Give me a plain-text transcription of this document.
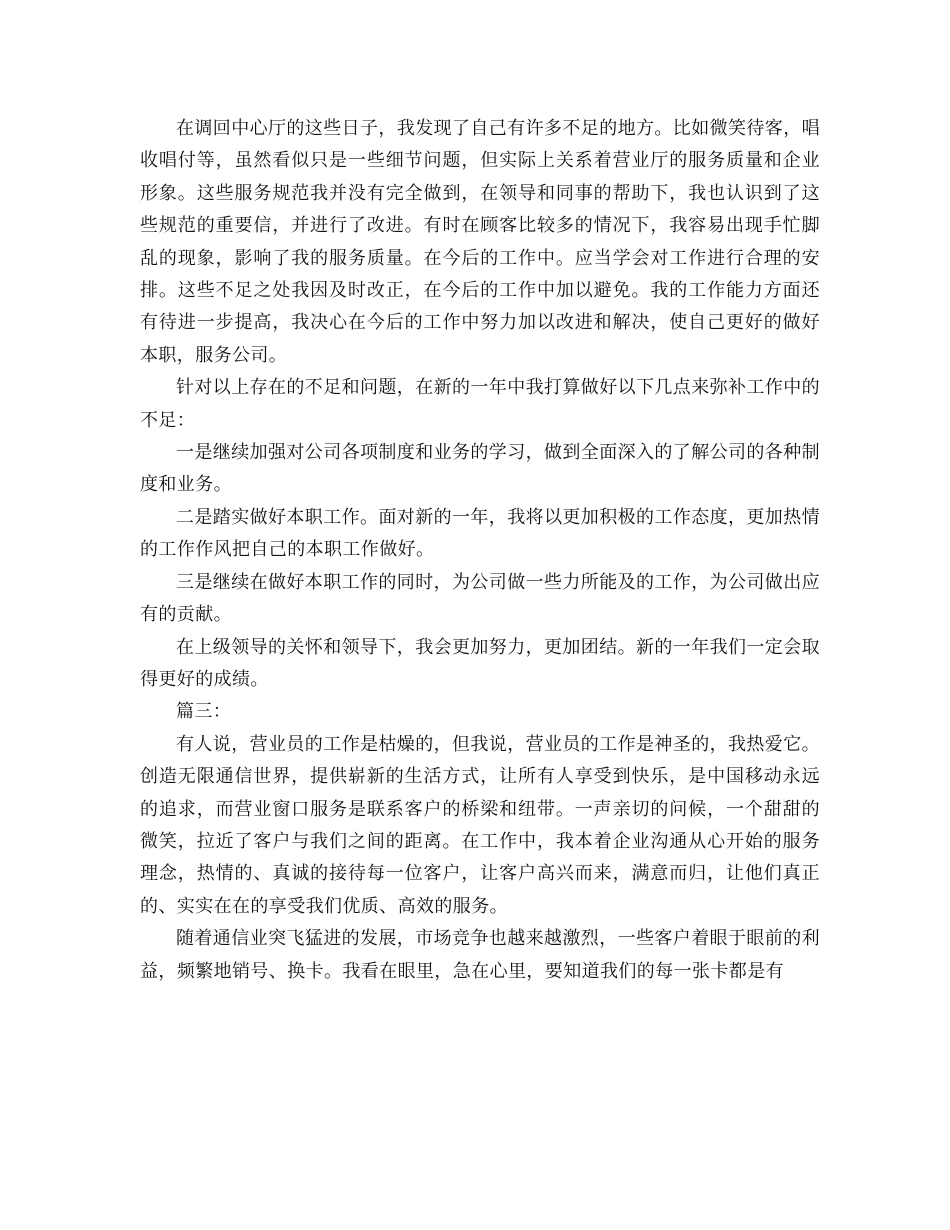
在调回中心厅的这些日子，我发现了自己有许多不足的地方。比如微笑待客，唱收唱付等，虽然看似只是一些细节问题，但实际上关系着营业厅的服务质量和企业形象。这些服务规范我并没有完全做到，在领导和同事的帮助下，我也认识到了这些规范的重要信，并进行了改进。有时在顾客比较多的情况下，我容易出现手忙脚乱的现象，影响了我的服务质量。在今后的工作中。应当学会对工作进行合理的安排。这些不足之处我因及时改正，在今后的工作中加以避免。我的工作能力方面还有待进一步提高，我决心在今后的工作中努力加以改进和解决，使自己更好的做好本职，服务公司。

针对以上存在的不足和问题，在新的一年中我打算做好以下几点来弥补工作中的不足：

一是继续加强对公司各项制度和业务的学习，做到全面深入的了解公司的各种制度和业务。

二是踏实做好本职工作。面对新的一年，我将以更加积极的工作态度，更加热情的工作作风把自己的本职工作做好。

三是继续在做好本职工作的同时，为公司做一些力所能及的工作，为公司做出应有的贡献。

在上级领导的关怀和领导下，我会更加努力，更加团结。新的一年我们一定会取得更好的成绩。

篇三：

有人说，营业员的工作是枯燥的，但我说，营业员的工作是神圣的，我热爱它。创造无限通信世界，提供崭新的生活方式，让所有人享受到快乐，是中国移动永远的追求，而营业窗口服务是联系客户的桥梁和纽带。一声亲切的问候，一个甜甜的微笑，拉近了客户与我们之间的距离。在工作中，我本着企业沟通从心开始的服务理念，热情的、真诚的接待每一位客户，让客户高兴而来，满意而归，让他们真正的、实实在在的享受我们优质、高效的服务。

随着通信业突飞猛进的发展，市场竞争也越来越激烈，一些客户着眼于眼前的利益，频繁地销号、换卡。我看在眼里，急在心里，要知道我们的每一张卡都是有
